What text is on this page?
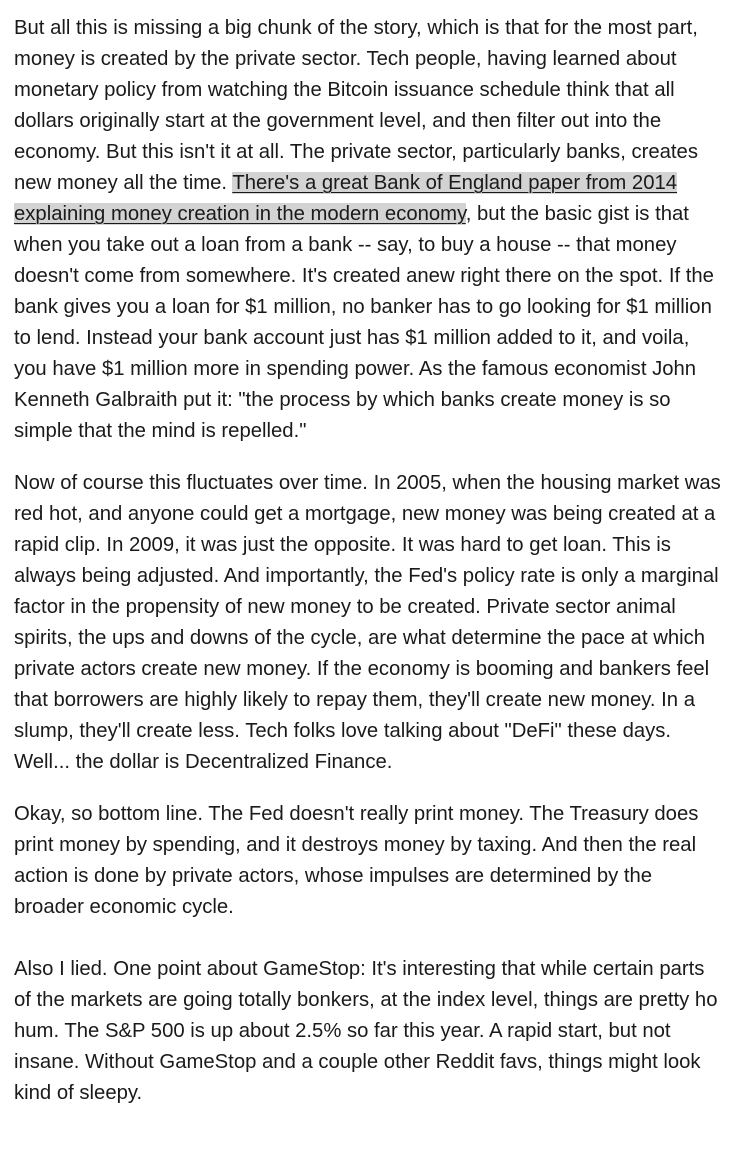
But all this is missing a big chunk of the story, which is that for the most part, money is created by the private sector. Tech people, having learned about monetary policy from watching the Bitcoin issuance schedule think that all dollars originally start at the government level, and then filter out into the economy. But this isn't it at all. The private sector, particularly banks, creates new money all the time. There's a great Bank of England paper from 2014 explaining money creation in the modern economy, but the basic gist is that when you take out a loan from a bank -- say, to buy a house -- that money doesn't come from somewhere. It's created anew right there on the spot. If the bank gives you a loan for $1 million, no banker has to go looking for $1 million to lend. Instead your bank account just has $1 million added to it, and voila, you have $1 million more in spending power. As the famous economist John Kenneth Galbraith put it: "the process by which banks create money is so simple that the mind is repelled."

Now of course this fluctuates over time. In 2005, when the housing market was red hot, and anyone could get a mortgage, new money was being created at a rapid clip. In 2009, it was just the opposite. It was hard to get loan. This is always being adjusted. And importantly, the Fed's policy rate is only a marginal factor in the propensity of new money to be created. Private sector animal spirits, the ups and downs of the cycle, are what determine the pace at which private actors create new money. If the economy is booming and bankers feel that borrowers are highly likely to repay them, they'll create new money. In a slump, they'll create less. Tech folks love talking about "DeFi" these days. Well... the dollar is Decentralized Finance.

Okay, so bottom line. The Fed doesn't really print money. The Treasury does print money by spending, and it destroys money by taxing. And then the real action is done by private actors, whose impulses are determined by the broader economic cycle.

Also I lied. One point about GameStop: It's interesting that while certain parts of the markets are going totally bonkers, at the index level, things are pretty ho hum. The S&P 500 is up about 2.5% so far this year. A rapid start, but not insane. Without GameStop and a couple other Reddit favs, things might look kind of sleepy.
